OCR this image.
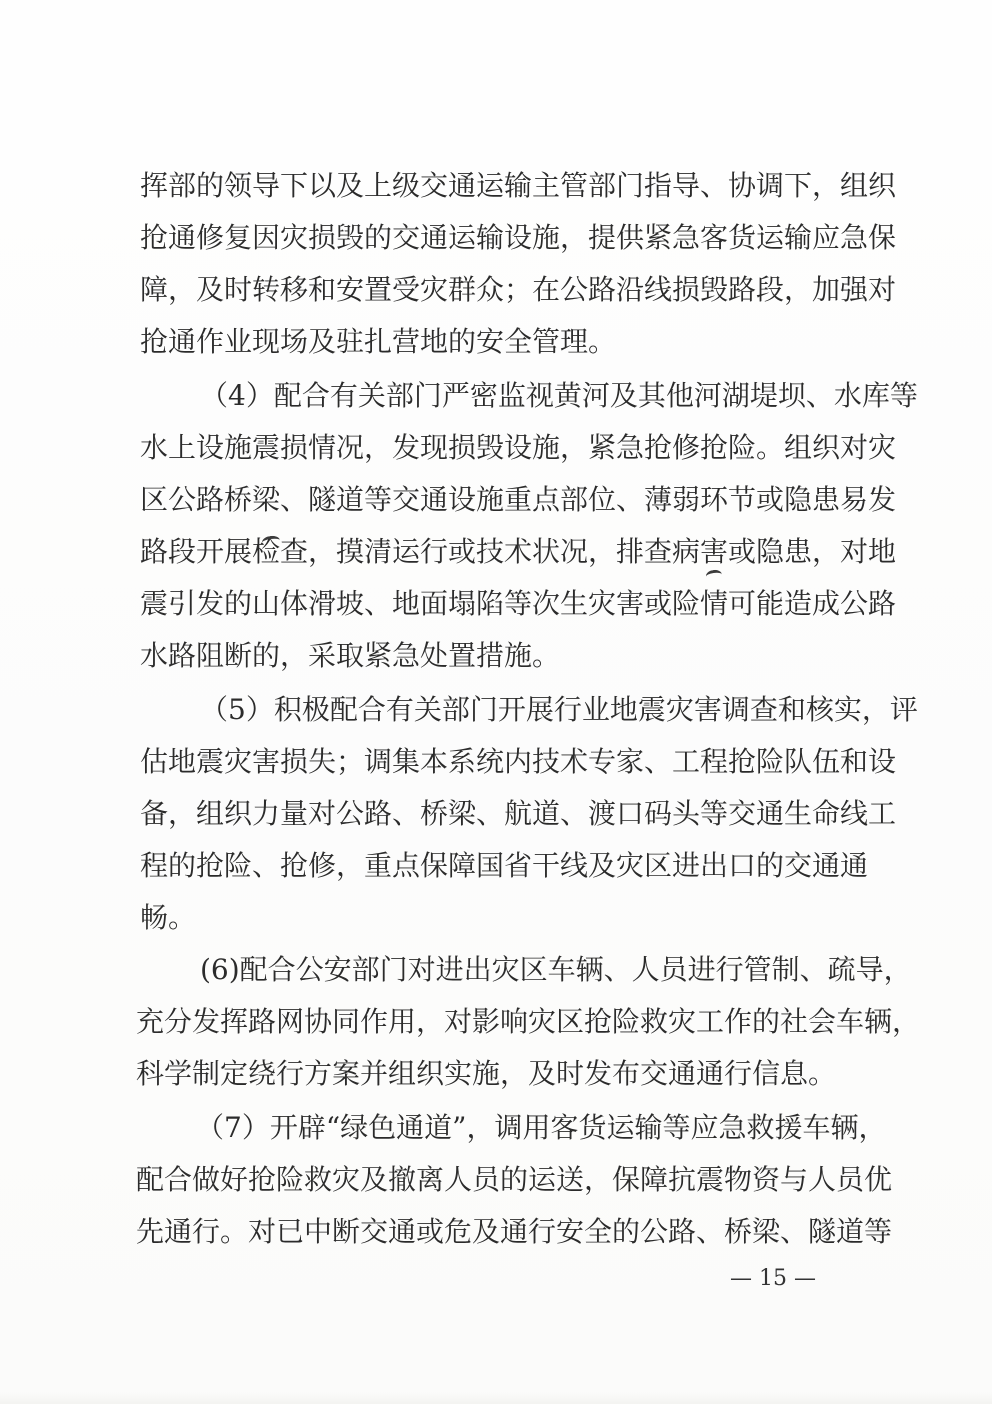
挥部的领导下以及上级交通运输主管部门指导、协调下，组织
抢通修复因灾损毁的交通运输设施，提供紧急客货运输应急保
障，及时转移和安置受灾群众；在公路沿线损毁路段，加强对
抢通作业现场及驻扎营地的安全管理。
（4）配合有关部门严密监视黄河及其他河湖堤坝、水库等
水上设施震损情况，发现损毁设施，紧急抢修抢险。组织对灾
区公路桥梁、隧道等交通设施重点部位、薄弱环节或隐患易发
路段开展检查，摸清运行或技术状况，排查病害或隐患，对地
震引发的山体滑坡、地面塌陷等次生灾害或险情可能造成公路
水路阻断的，采取紧急处置措施。
（5）积极配合有关部门开展行业地震灾害调查和核实，评
估地震灾害损失；调集本系统内技术专家、工程抢险队伍和设
备，组织力量对公路、桥梁、航道、渡口码头等交通生命线工
程的抢险、抢修，重点保障国省干线及灾区进出口的交通通
畅。
(6)配合公安部门对进出灾区车辆、人员进行管制、疏导，
充分发挥路网协同作用，对影响灾区抢险救灾工作的社会车辆，
科学制定绕行方案并组织实施，及时发布交通通行信息。
（7）开辟“绿色通道”，调用客货运输等应急救援车辆，
配合做好抢险救灾及撤离人员的运送，保障抗震物资与人员优
先通行。对已中断交通或危及通行安全的公路、桥梁、隧道等
— 15 —
